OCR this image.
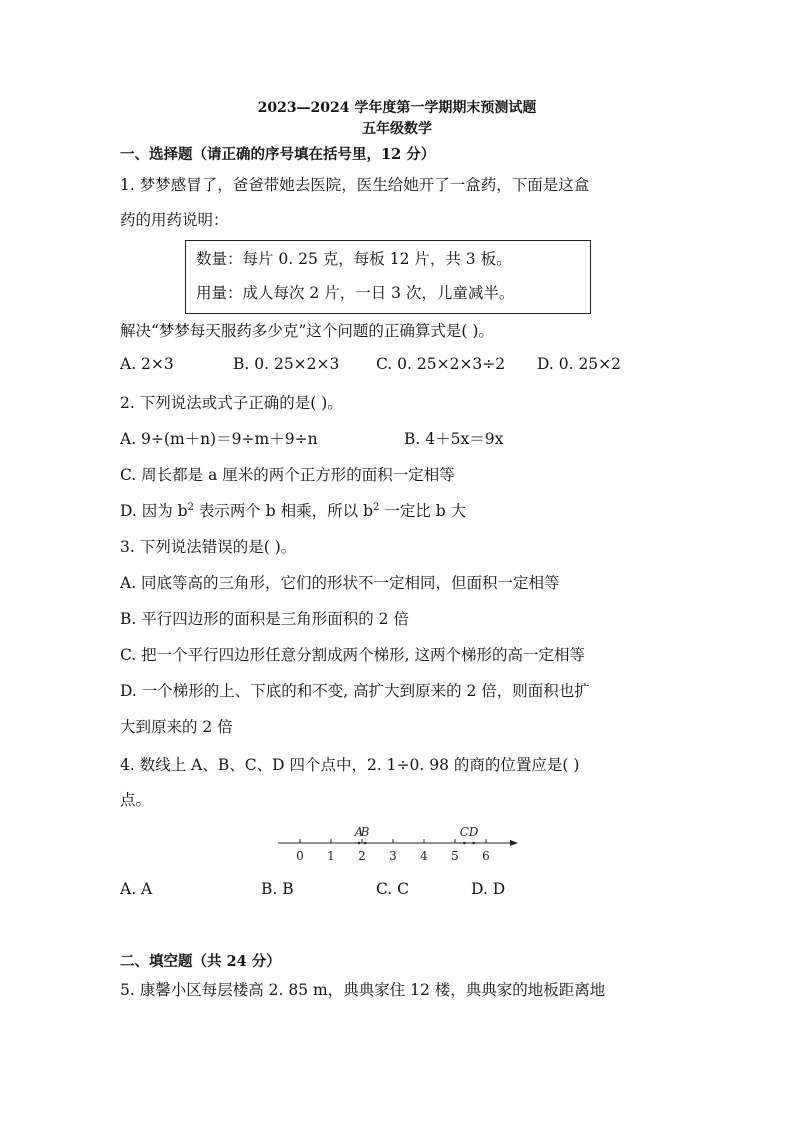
2023—2024 学年度第一学期期末预测试题
五年级数学
一、选择题（请正确的序号填在括号里，12 分）
1. 梦梦感冒了，爸爸带她去医院，医生给她开了一盒药，下面是这盒
药的用药说明：
数量：每片 0. 25 克，每板 12 片，共 3 板。
用量：成人每次 2 片，一日 3 次，儿童减半。
解决“梦梦每天服药多少克”这个问题的正确算式是( )。
A. 2×3	B. 0. 25×2×3 C. 0. 25×2×3÷2 D. 0. 25×2
2. 下列说法或式子正确的是( )。
A. 9÷(m＋n)＝9÷m＋9÷n	B. 4＋5x＝9x
C. 周长都是 a 厘米的两个正方形的面积一定相等
D. 因为 $b^2$ 表示两个 b 相乘，所以 $b^2$ 一定比 b 大
3. 下列说法错误的是( )。
A. 同底等高的三角形，它们的形状不一定相同，但面积一定相等
B. 平行四边形的面积是三角形面积的 2 倍
C. 把一个平行四边形任意分割成两个梯形, 这两个梯形的高一定相等
D. 一个梯形的上、下底的和不变, 高扩大到原来的 2 倍，则面积也扩
大到原来的 2 倍
4. 数线上 A、B、C、D 四个点中，2. 1÷0. 98 的商的位置应是( )
点。
0 1 2 3 4 5 6
A
B	C D
A. A	B. B	C. C	D. D
二、填空题（共 24 分）
5. 康馨小区每层楼高 2. 85 m，典典家住 12 楼，典典家的地板距离地
